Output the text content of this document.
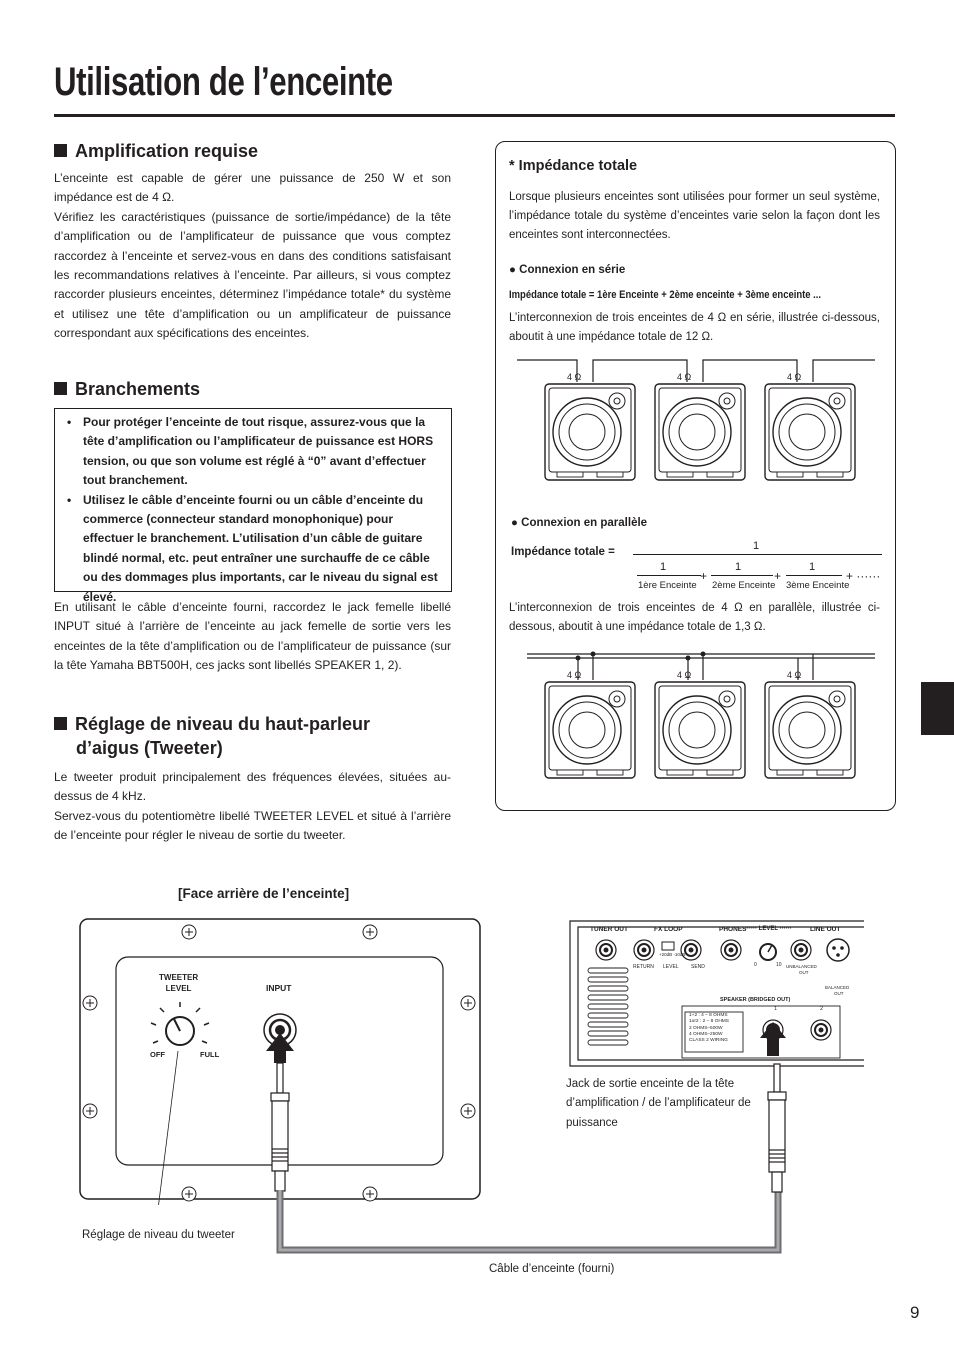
Utilisation de l’enceinte
Amplification requise

L’enceinte est capable de gérer une puissance de 250 W et son impédance est de 4 Ω.

Vérifiez les caractéristiques (puissance de sortie/impédance) de la tête d’amplification ou de l’amplificateur de puissance que vous comptez raccordez à l’enceinte et servez-vous en dans des conditions satisfaisant les recommandations relatives à l’enceinte. Par ailleurs, si vous comptez raccorder plusieurs enceintes, déterminez l’impédance totale* du système et utilisez une tête d’amplification ou un amplificateur de puissance correspondant aux spécifications des enceintes.

Branchements
• Pour protéger l’enceinte de tout risque, assurez-vous que la tête d’amplification ou l’amplificateur de puissance est HORS tension, ou que son volume est réglé à “0” avant d’effectuer tout branchement.
• Utilisez le câble d’enceinte fourni ou un câble d’enceinte du commerce (connecteur standard monophonique) pour effectuer le branchement. L’utilisation d’un câble de guitare blindé normal, etc. peut entraîner une surchauffe de ce câble ou des dommages plus importants, car le niveau du signal est élevé.

En utilisant le câble d’enceinte fourni, raccordez le jack femelle libellé INPUT situé à l’arrière de l’enceinte au jack femelle de sortie vers les enceintes de la tête d’amplification ou de l’amplificateur de puissance (sur la tête Yamaha BBT500H, ces jacks sont libellés SPEAKER 1, 2).

Réglage de niveau du haut-parleur
d’aigus (Tweeter)

Le tweeter produit principalement des fréquences élevées, situées au-dessus de 4 kHz.

Servez-vous du potentiomètre libellé TWEETER LEVEL et situé à l’arrière de l’enceinte pour régler le niveau de sortie du tweeter.

* Impédance totale
Lorsque plusieurs enceintes sont utilisées pour former un seul système, l’impédance totale du système d’enceintes varie selon la façon dont les enceintes sont interconnectées.
● Connexion en série
Impédance totale = 1ère Enceinte + 2ème enceinte + 3ème enceinte ...
L’interconnexion de trois enceintes de 4 Ω en série, illustrée ci-dessous, aboutit à une impédance totale de 12 Ω.
4 Ω	4 Ω	4 Ω
● Connexion en parallèle
Impédance totale =	1
1	1	1
+	+	+ ······
1ère Enceinte 2ème Enceinte 3ème Enceinte
L’interconnexion de trois enceintes de 4 Ω en parallèle, illustrée ci-dessous, aboutit à une impédance totale de 1,3 Ω.
4 Ω	4 Ω	4 Ω
[Face arrière de l’enceinte]
TWEETER
LEVEL
OFF	FULL
INPUT
TUNER OUT	FX LOOP	PHONES
······ LEVEL ······	LINE OUT
+20dB -10dB
RETURN LEVEL SEND	0	10 UNBALANCED
OUT
BALANCED
OUT
SPEAKER (BRIDGED OUT)
1	2
1+2 : 4 – 8 OHMS
1or2 : 2 – 8 OHMS
2 OHMS–500W
4 OHMS–250W
CLASS 2 WIRING
Jack de sortie enceinte de la tête d’amplification / de l’amplificateur de puissance
Réglage de niveau du tweeter
Câble d’enceinte (fourni)
9
